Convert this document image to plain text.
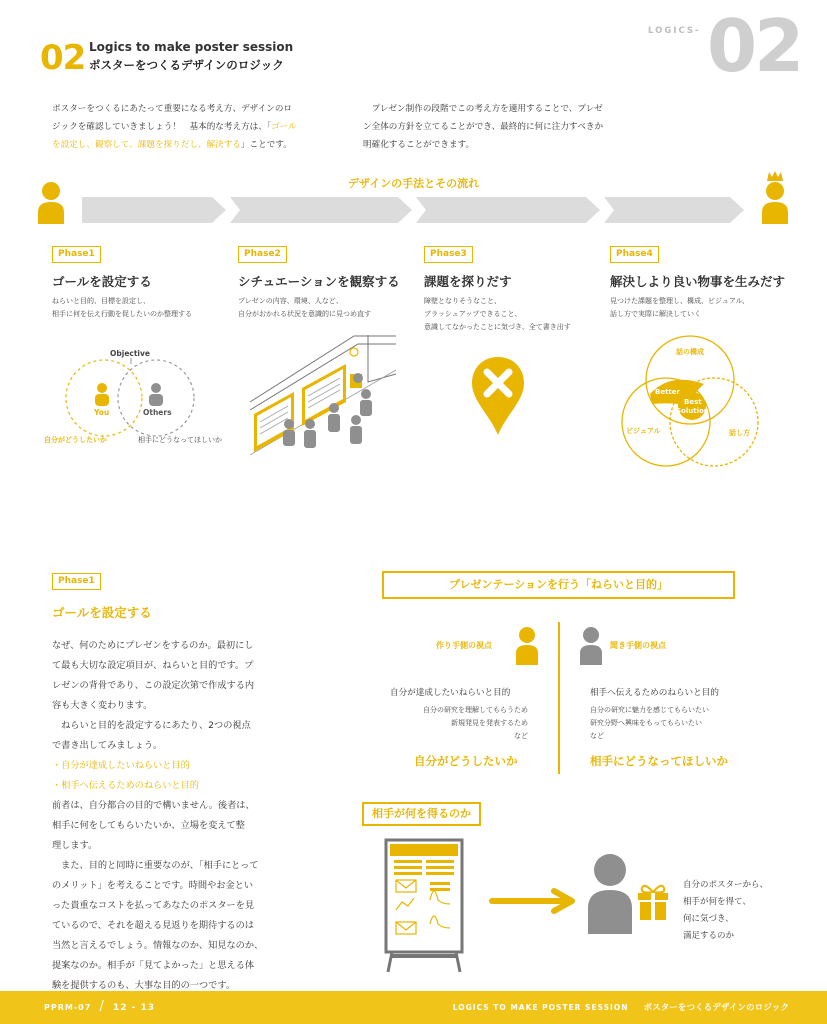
02 Logics to make poster session
ポスターをつくるデザインのロジック
LOGICS- 02
ポスターをつくるにあたって重要になる考え方、デザインのロ
ジックを確認していきましょう！　基本的な考え方は、「ゴール
を設定し、観察して、課題を探りだし、解決する」ことです。
　プレゼン制作の段階でこの考え方を適用することで、プレゼ
ン全体の方針を立てることができ、最終的に何に注力すべきか
明確化することができます。
デザインの手法とその流れ
Phase1
ゴールを設定する
ねらいと目的、目標を設定し、
相手に何を伝え行動を促したいのか整理する
Phase2
シチュエーションを観察する
プレゼンの内容、環境、人など、
自分がおかれる状況を意識的に見つめ直す
Phase3
課題を探りだす
障壁となりそうなこと、
ブラッシュアップできること、
意識してなかったことに気づき、全て書き出す
Phase4
解決しより良い物事を生みだす
見つけた課題を整理し、構成、ビジュアル、
話し方で実際に解決していく
Objective
You	Others
自分がどうしたいか	相手にどうなってほしいか
話の構成
ビジュアル	話し方
Better
Best
Solution
Phase1
ゴールを設定する
なぜ、何のためにプレゼンをするのか。最初にし
て最も大切な設定項目が、ねらいと目的です。プ
レゼンの背骨であり、この設定次第で作成する内
容も大きく変わります。
　ねらいと目的を設定するにあたり、2つの視点
で書き出してみましょう。
・自分が達成したいねらいと目的
・相手へ伝えるためのねらいと目的
前者は、自分都合の目的で構いません。後者は、
相手に何をしてもらいたいか、立場を変えて整
理します。
　また、目的と同時に重要なのが、「相手にとって
のメリット」を考えることです。時間やお金とい
った貴重なコストを払ってあなたのポスターを見
ているので、それを超える見返りを期待するのは
当然と言えるでしょう。情報なのか、知見なのか、
提案なのか。相手が「見てよかった」と思える体
験を提供するのも、大事な目的の一つです。
プレゼンテーションを行う「ねらいと目的」
作り手側の視点	聞き手側の視点
自分が達成したいねらいと目的
自分の研究を理解してもらうため
新規発見を発表するため
など
自分がどうしたいか
相手へ伝えるためのねらいと目的
自分の研究に魅力を感じてもらいたい
研究分野へ興味をもってもらいたい
など
相手にどうなってほしいか
相手が何を得るのか
自分のポスターから、
相手が何を得て、
何に気づき、
満足するのか
PPRM-07 / 12 - 13	LOGICS TO MAKE POSTER SESSION ポスターをつくるデザインのロジック
